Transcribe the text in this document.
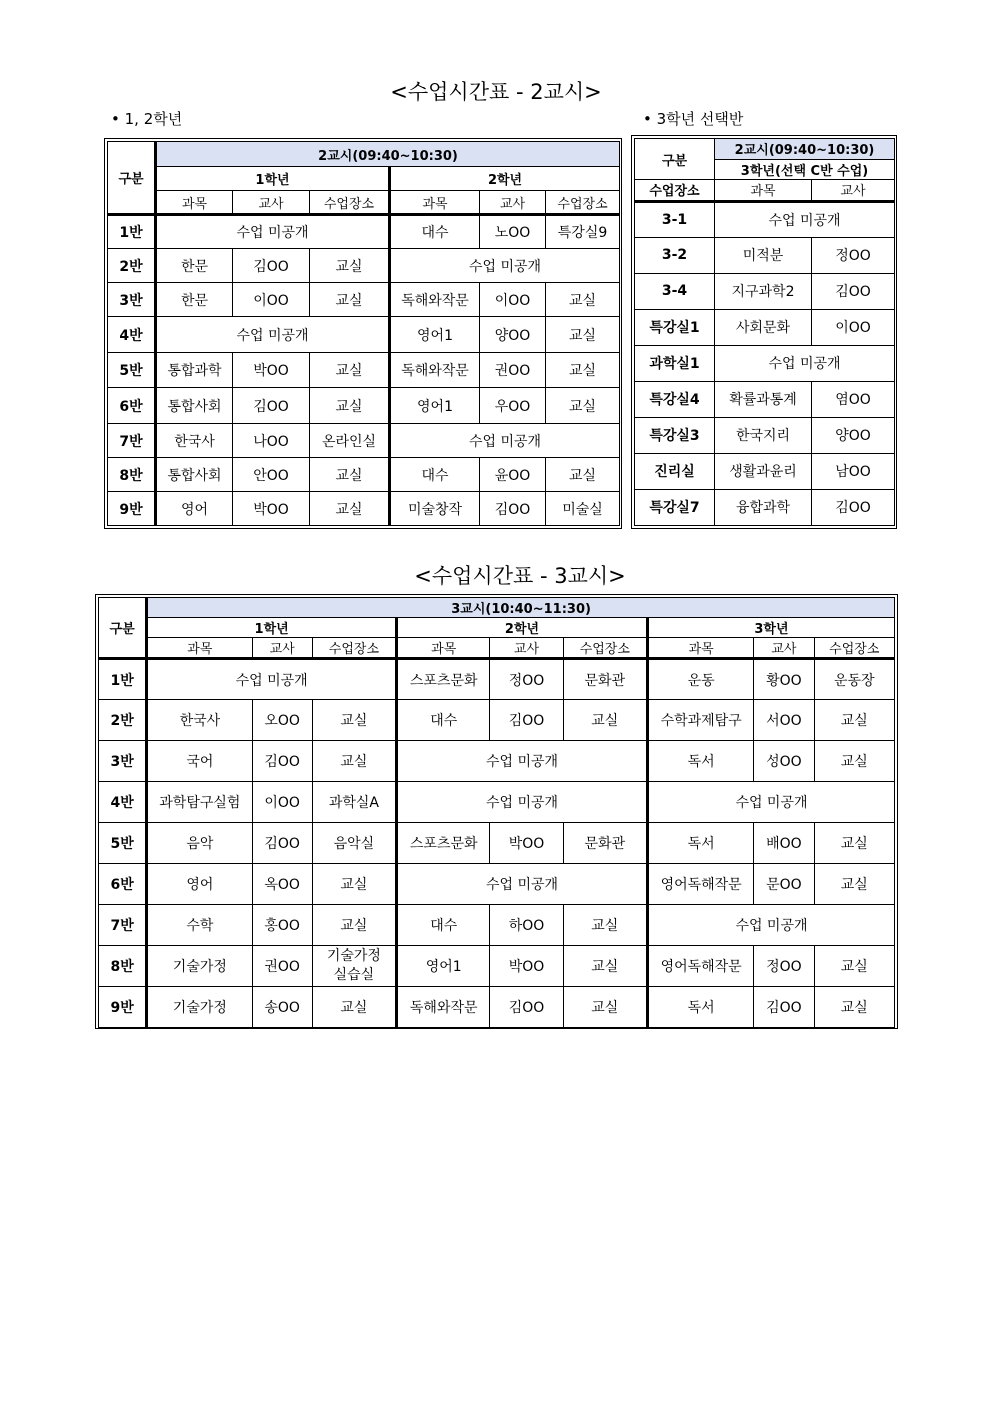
<수업시간표 - 2교시>
• 1, 2학년	• 3학년 선택반
구분	2교시(09:40~10:30)					
	1학년			2학년		
	과목	교사	수업장소	과목	교사	수업장소
1반	수업 미공개			대수	노OO	특강실9
2반	한문	김OO	교실	수업 미공개		
3반	한문	이OO	교실	독해와작문	이OO	교실
4반	수업 미공개			영어1	양OO	교실
5반	통합과학	박OO	교실	독해와작문	권OO	교실
6반	통합사회	김OO	교실	영어1	우OO	교실
7반	한국사	나OO	온라인실	수업 미공개		
8반	통합사회	안OO	교실	대수	윤OO	교실
9반	영어	박OO	교실	미술창작	김OO	미술실
구분	2교시(09:40~10:30)	
	3학년(선택 C반 수업)	
수업장소	과목	교사
3-1	수업 미공개	
3-2	미적분	정OO
3-4	지구과학2	김OO
특강실1	사회문화	이OO
과학실1	수업 미공개	
특강실4	확률과통계	염OO
특강실3	한국지리	양OO
진리실	생활과윤리	남OO
특강실7	융합과학	김OO
<수업시간표 - 3교시>
구분	3교시(10:40~11:30)								
	1학년			2학년			3학년		
	과목	교사	수업장소	과목	교사	수업장소	과목	교사	수업장소
1반	수업 미공개			스포츠문화	정OO	문화관	운동	황OO	운동장
2반	한국사	오OO	교실	대수	김OO	교실	수학과제탐구	서OO	교실
3반	국어	김OO	교실	수업 미공개			독서	성OO	교실
4반	과학탐구실험	이OO	과학실A	수업 미공개			수업 미공개		
5반	음악	김OO	음악실	스포츠문화	박OO	문화관	독서	배OO	교실
6반	영어	옥OO	교실	수업 미공개			영어독해작문	문OO	교실
7반	수학	홍OO	교실	대수	하OO	교실	수업 미공개		
8반	기술가정	권OO	기술가정
실습실	영어1	박OO	교실	영어독해작문	정OO	교실
9반	기술가정	송OO	교실	독해와작문	김OO	교실	독서	김OO	교실
